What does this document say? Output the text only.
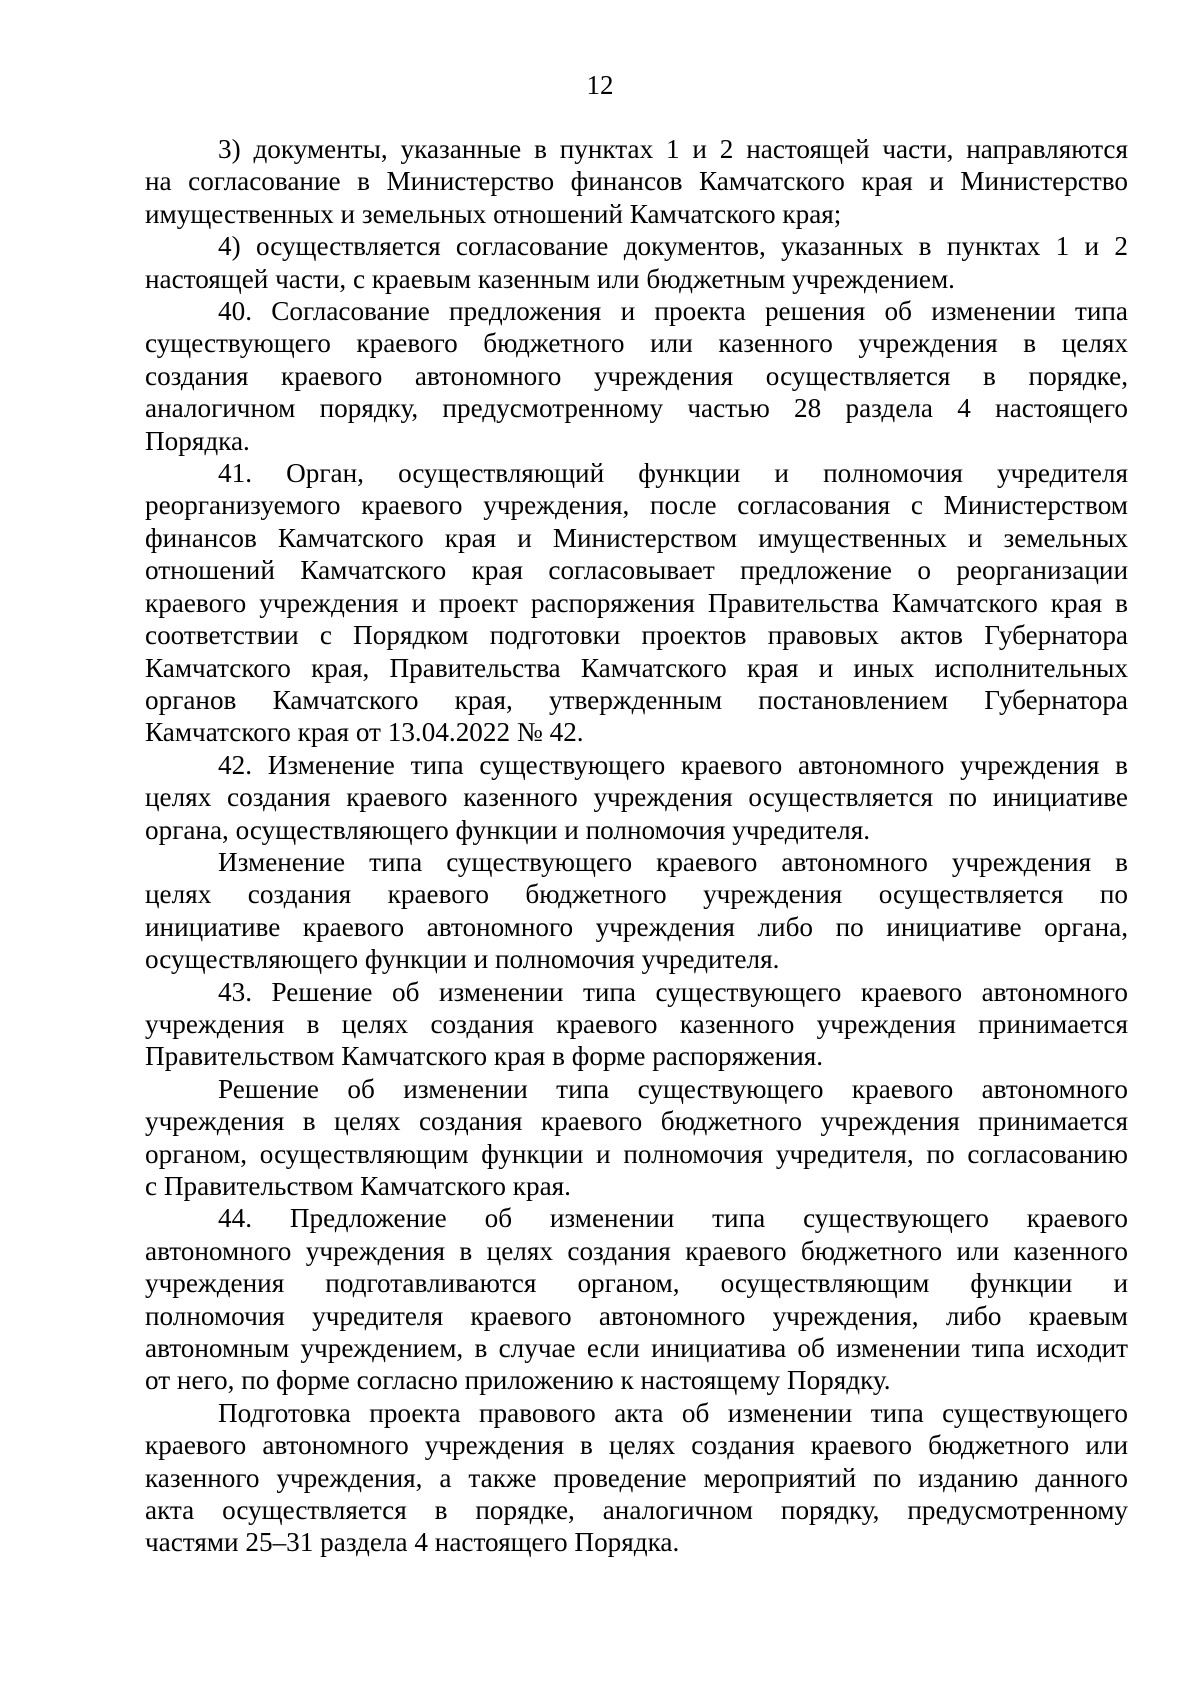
12
3) документы, указанные в пунктах 1 и 2 настоящей части, направляются
на согласование в Министерство финансов Камчатского края и Министерство
имущественных и земельных отношений Камчатского края;
4) осуществляется согласование документов, указанных в пунктах 1 и 2
настоящей части, с краевым казенным или бюджетным учреждением.
40. Согласование предложения и проекта решения об изменении типа
существующего краевого бюджетного или казенного учреждения в целях
создания краевого автономного учреждения осуществляется в порядке,
аналогичном порядку, предусмотренному частью 28 раздела 4 настоящего
Порядка.
41. Орган, осуществляющий функции и полномочия учредителя
реорганизуемого краевого учреждения, после согласования с Министерством
финансов Камчатского края и Министерством имущественных и земельных
отношений Камчатского края согласовывает предложение о реорганизации
краевого учреждения и проект распоряжения Правительства Камчатского края в
соответствии с Порядком подготовки проектов правовых актов Губернатора
Камчатского края, Правительства Камчатского края и иных исполнительных
органов Камчатского края, утвержденным постановлением Губернатора
Камчатского края от 13.04.2022 № 42.
42. Изменение типа существующего краевого автономного учреждения в
целях создания краевого казенного учреждения осуществляется по инициативе
органа, осуществляющего функции и полномочия учредителя.
Изменение типа существующего краевого автономного учреждения в
целях создания краевого бюджетного учреждения осуществляется по
инициативе краевого автономного учреждения либо по инициативе органа,
осуществляющего функции и полномочия учредителя.
43. Решение об изменении типа существующего краевого автономного
учреждения в целях создания краевого казенного учреждения принимается
Правительством Камчатского края в форме распоряжения.
Решение об изменении типа существующего краевого автономного
учреждения в целях создания краевого бюджетного учреждения принимается
органом, осуществляющим функции и полномочия учредителя, по согласованию
с Правительством Камчатского края.
44. Предложение об изменении типа существующего краевого
автономного учреждения в целях создания краевого бюджетного или казенного
учреждения подготавливаются органом, осуществляющим функции и
полномочия учредителя краевого автономного учреждения, либо краевым
автономным учреждением, в случае если инициатива об изменении типа исходит
от него, по форме согласно приложению к настоящему Порядку.
Подготовка проекта правового акта об изменении типа существующего
краевого автономного учреждения в целях создания краевого бюджетного или
казенного учреждения, а также проведение мероприятий по изданию данного
акта осуществляется в порядке, аналогичном порядку, предусмотренному
частями 25–31 раздела 4 настоящего Порядка.
